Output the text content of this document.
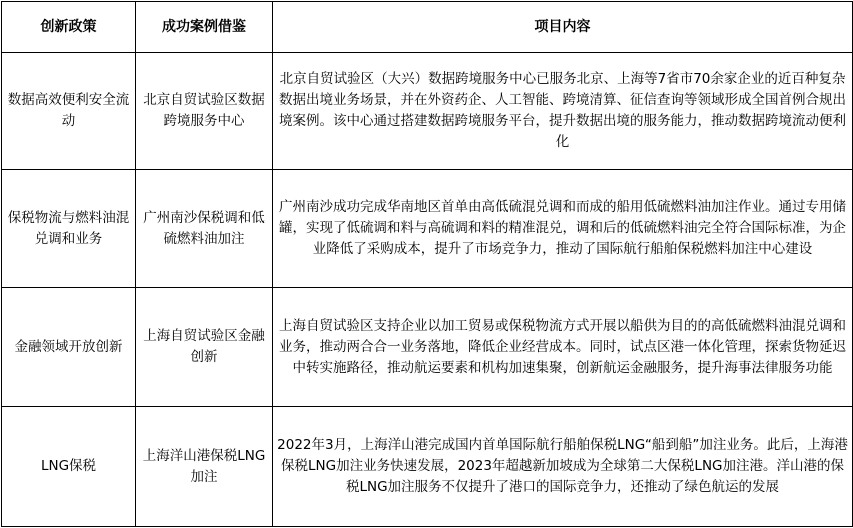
创新政策	成功案例借鉴	项目内容
数据高效便利安全流动	北京自贸试验区数据跨境服务中心	北京自贸试验区（大兴）数据跨境服务中心已服务北京、上海等7省市70余家企业的近百种复杂数据出境业务场景，并在外资药企、人工智能、跨境清算、征信查询等领域形成全国首例合规出境案例。该中心通过搭建数据跨境服务平台，提升数据出境的服务能力，推动数据跨境流动便利化
保税物流与燃料油混兑调和业务	广州南沙保税调和低硫燃料油加注	广州南沙成功完成华南地区首单由高低硫混兑调和而成的船用低硫燃料油加注作业。通过专用储罐，实现了低硫调和料与高硫调和料的精准混兑，调和后的低硫燃料油完全符合国际标准，为企业降低了采购成本，提升了市场竞争力，推动了国际航行船舶保税燃料加注中心建设
金融领域开放创新	上海自贸试验区金融创新	上海自贸试验区支持企业以加工贸易或保税物流方式开展以船供为目的的高低硫燃料油混兑调和业务，推动两合合一业务落地，降低企业经营成本。同时，试点区港一体化管理，探索货物延迟中转实施路径，推动航运要素和机构加速集聚，创新航运金融服务，提升海事法律服务功能
LNG保税	上海洋山港保税LNG加注	2022年3月，上海洋山港完成国内首单国际航行船舶保税LNG“船到船”加注业务。此后，上海港保税LNG加注业务快速发展，2023年超越新加坡成为全球第二大保税LNG加注港。洋山港的保税LNG加注服务不仅提升了港口的国际竞争力，还推动了绿色航运的发展
